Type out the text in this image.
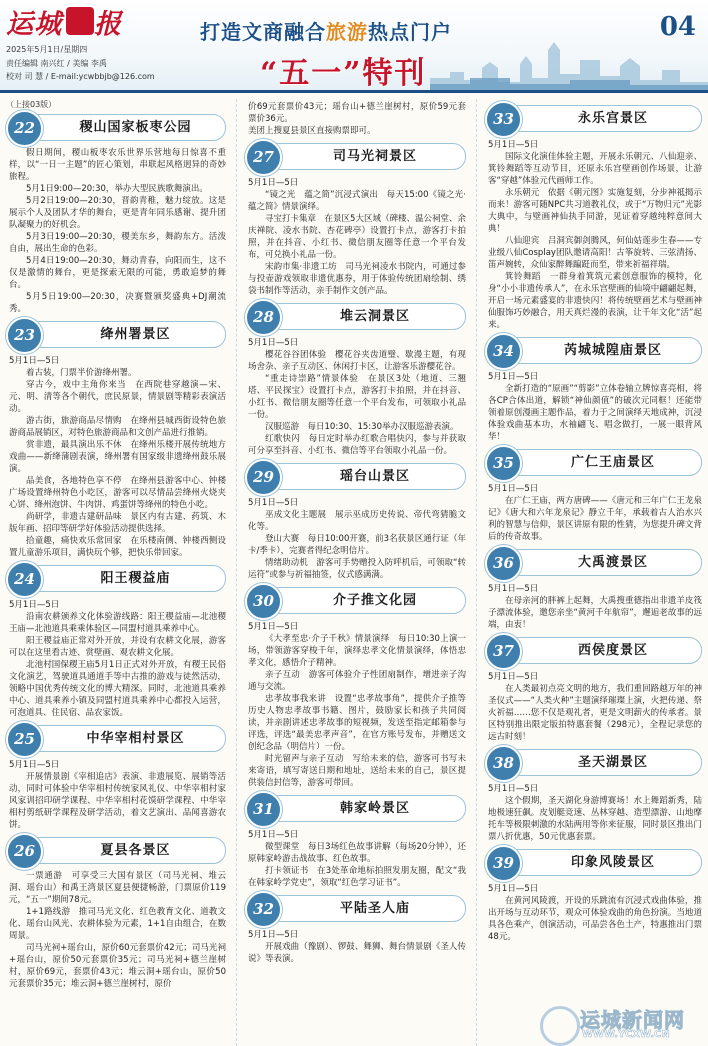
运城 报
2025年5月1日/星期四
责任编辑 南兴红 / 美编 李禹
校对 司 慧 / E-mail:ycwbbjb@126.com
打造文商融合旅游热点门户	04
“五一”特刊
（上接03版）
22	稷山国家板枣公园
假日期间，稷山板枣农乐世界乐营地每日惊喜不重样，以“一日一主题”的匠心策划，串联起风格迥异的奇妙旅程。
5月1日9:00—20:30，举办大型民族歌舞演出。
5月2日19:00—20:30，晋韵青稚，魅力绽放。这是展示个人及团队才华的舞台，更是青年同乐感谢、提升团队凝聚力的好机会。
5月3日19:00—20:30，稷美东乡，舞韵东方。活泼自由，展出生命的色彩。
5月4日19:00—20:30，舞动青春，向阳而生，这不仅是激情的舞台，更是探索无限的可能，勇敢追梦的舞台。
5月5日19:00—20:30，决赛暨颁奖盛典+DJ潮流秀。
23	绛州署景区
5月1日—5日
着古装，门票半价游绛州署。
穿古今，戏中主角你来当　在西院巷穿越演—宋、元、明、清等各个朝代，庶民原景，情景剧等精彩表演活动。
游古街，旅游商品尽情购　在绛州县城西街设特色旅游商品展销区，对特色旅游商品和文创产品进行推销。
赏非遗，最具演出乐不休　在绛州乐楼开展传统地方戏曲——新绛蒲剧表演，绛州署有国家级非遗绛州鼓乐展演。
品美食，各地特色享不停　在绛州县游客中心、钟楼广场设置绛州特色小吃区，游客可以尽情品尝绛州火烧夹心饼、绛州泡饼、牛肉饼、鸡蛋饼等绛州的特色小吃。
尚研学，非遗古建研品味　景区内有古建、药筑、木版年画、招印等研学好体验活动提供选择。
拾童趣，痛快欢乐常回家　在乐楼南侧、钟楼西侧设置儿童游乐项目，满快玩个够，把快乐带回家。
24	阳王稷益庙
5月1日—5日
沿南农耕颁养文化体验游线路：阳王稷益庙—北池稷王庙—北池道具乘乘体验区—同盟村道具乘养中心。
阳王稷益庙正常对外开放，并设有农耕文化展，游客可以在这里看古迹、赏壁画、观农耕文化展。
北池村国保稷王庙5月1日正式对外开放，有稷王民俗文化演艺，驾驶道具通道手等中古推的游戏与徒然活动，领略中国优秀传统文化的博大精深。同时，北池道具乘养中心、道具乘养小镇及同盟村道具乘养中心都投入运营，可泡道具、住民宿、品农家饭。
25	中华宰相村景区
5月1日—5日
开展情景剧《宰相追店》表演、非遗展览、展销等活动，同时可体验中华宰相村传统家风礼仪、中华宰相村家风家训招印研学课程、中华宰相村花馍研学课程、中华宰相村剪纸研学课程及研学活动，着文艺演出、品闻喜游农饼。
26	夏县各景区
一票通游　可享受三大国有景区（司马光祠、堆云洞、瑶台山）和禹王湾景区夏县便捷畅游，门票原价119元，“五一”期间78元。
1+1路线游　推司马光文化、红色教育文化、道教文化、瑶台山风光、农耕体验为元素，1+1自由组合，在数周景。
司马光祠+瑶台山，原价60元套票价42元；司马光祠+瑶台山，原价50元套票价35元；司马光祠+德兰崖树村，原价69元，套票价43元；堆云洞+瑶台山，原价50元套票价35元；堆云洞+德兰崖树村，原价
价69元套票价43元；瑶台山+德兰崖树村，原价59元套票价36元。
美团上搜夏县景区直接购票即可。
27	司马光祠景区
5月1日—5日
“镜之光　蕴之简”沉浸式演出　每天15:00《镜之光·蕴之简》情景演绎。
寻宝打卡集章　在景区5大区域（碑楼、温公祠堂、余庆禅院、凌水书院、杏花碑亭）设置打卡点，游客打卡拍照，并在抖音、小红书、微信朋友圈等任意一个平台发布，可兑换小礼品一份。
宋韵市集·非遗工坊　司马光祠凌水书院内，可通过参与投壶游戏领取非遗优惠券，用于体验传统团扇绘制、绣袋书制作等活动，亲手制作文创产品。
28	堆云洞景区
5月1日—5日
樱花谷谷团体验　樱花谷夹齿道璧、歇漫主题，有现场舍杂、亲子互动区、休闲打卡区，让游客乐游樱花谷。
“重走诗崇路”情景体验　在景区3处（地道、三翘塔、平民探宝）设置打卡点，游客打卡拍照，并在抖音、小红书、微信朋友圈等任意一个平台发布，可领取小礼品一份。
汉服巡游　每日10:30、15:30举办汉服巡游表演。
红歌快闪　每日定时举办红歌合唱快闪，参与并获取可分享至抖音、小红书、微信等平台领取小礼品一份。
29	瑶台山景区
5月1日—5日
巫成文化主题展　展示巫成历史传说、帝代弯猜脆文化等。
登山大赛　每日10:00开赛，前3名获景区通行证（年卡/季卡），完赛者得纪念明信片。
情绪助动机　游客可手势赠投入防呼机后，可领取“转运符”或参与祈福抽签，仪式感满满。
30	介子推文化园
5月1日—5日
《大孝至忠·介子千秋》情景演绎　每日10:30上演一场，带领游客穿梭千年，演绎忠孝文化情景演绎，体悟忠孝文化，感悟介子精神。
亲子互动　游客可体验介子性团扇制作，增进亲子沟通与交流。
忠孝故事我来讲　设置“忠孝故事角”，提供介子推等历史人物忠孝故事书籍、图片，鼓励家长和孩子共同阅读，并亲剧讲述忠孝故事的短视频，发送至指定邮箱参与评选，评选“最美忠孝声音”，在官方账号发布，并赠送文创纪念品（明信片）一份。
时光留声与亲子互动　写给未来的信，游客可书写未来寄语，填写寄送日期和地址，送给未来的自己，景区提供装信封信等，游客可带回。
31	韩家岭景区
5月1日—5日
微型课堂　每日3场红色故事讲解（每场20分钟），还原韩家岭游击战故事、红色故事。
打卡领证书　在3处革命地标拍照发朋友圈，配文“我在韩家岭学党史”，领取“红色学习证书”。
32	平陆圣人庙
5月1日—5日
开展戏曲（豫剧）、锣鼓、舞狮、舞台情景剧《圣人传说》等表演。
33	永乐宫景区
5月1日—5日
国际文化演佳体验主题，开展永乐朝元、八仙迎亲、箕铃舞蹈等互动节目，还原永乐宫壁画创作场景，让游客“穿越”体验元代画师工作。
永乐朝元　依据《朝元图》实施复刻，分步神祗揭示而来！游客可随NPC共习道教礼仪，或于“万物归元”光影大典中，与壁画神仙执手同游，见证着穿越纯粹意间大典！
八仙迎宾　吕洞宾御剑腾风，何仙姑莲步生春——专业级八仙Cosplay团队邀请高阳！古筝旋转、三弦清扬、笛声婉转，众仙家醉舞蹁跹而至，带来祈福祥瑞。
箕铃舞蹈　一群身着箕筑元素创意服饰的模特，化身“小小非遗传承人”，在永乐宫壁画的仙境中翩翩起舞，开启一场元素盛宴的非遗快闪！将传统壁画艺术与壁画神仙服饰巧妙融合，用天真烂漫的表演，让千年文化“活”起来。
34	芮城城隍庙景区
5月1日—5日
全新打造的“原画”“剪影”立体卷轴立牌惊喜亮相，将各CP合体出道，解锁“神仙颜值”的破次元同框！还能带领着原创漫画主题作品，着力于之间演绎天地成神，沉浸体验戏曲基本功，水袖翩飞、唱念做打，一展一眼背风华！
35	广仁王庙景区
5月1日—5日
在广仁王庙，两方唐碑——《唐元和三年广仁王龙泉记》《唐大和六年龙泉记》静立千年，承载着古人治水兴利的智慧与信仰，景区讲原有限的性猜，为您提升碑文背后的传奇故事。
36	大禹渡景区
5月1日—5日
在母亲河的胖裤上起舞，大禹搜重德指出非遗羊皮筏子漂流体验，邀您亲坐“黄河千年航帘”，邂逅老故事的远端，由衷！
37	西侯度景区
5月1日—5日
在人类最初点亮文明的地方，我们重回路越万年的神圣仪式——“人类火种”主题演绎璀璨上演，火把传递、祭火祈福……您不仅是观礼者，更是文明薪火的传承者。景区特别推出限定版拍特惠套餐（298元），全程记录您的远古时刻！
38	圣天湖景区
5月1日—5日
这个假期，圣天湖化身游博赛场！水上舞蹈新秀，陆地极速狂飙。皮划艇竞速、丛林穿越、造型漂游、山地摩托车等极限刺激的水陆两用等你来征服，同时景区推出门票八折优惠，50元优惠套票。
39	印象风陵景区
5月1日—5日
在黄河风陵渡，开设的乐跳流有沉浸式戏曲体验，推出开场与互动环节，观众可体验戏曲的角色扮演。当地道具各色乘产，创演活动，可品尝各色土产，特惠推出门票48元。
运城新闻网
WWW.YCXW.CN
